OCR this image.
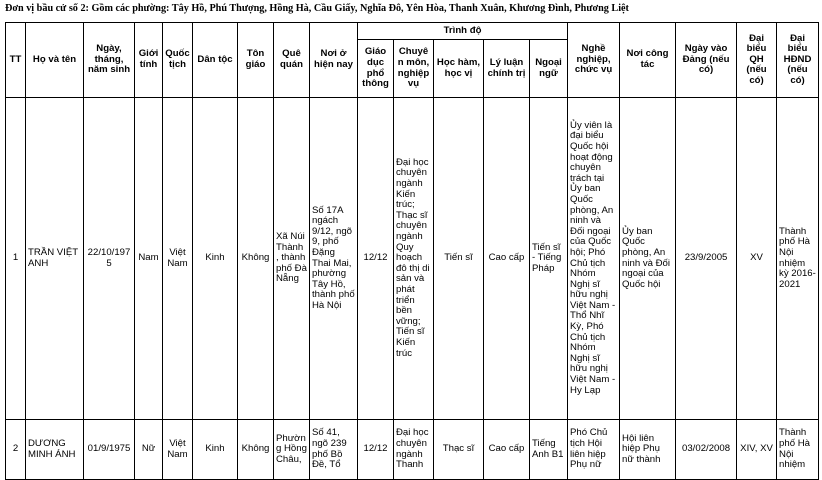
Đơn vị bầu cử số 2: Gồm các phường: Tây Hồ, Phú Thượng, Hồng Hà, Cầu Giấy, Nghĩa Đô, Yên Hòa, Thanh Xuân, Khương Đình, Phương Liệt
TT	Họ và tên	Ngày, tháng, năm sinh	Giới tính	Quốc tịch	Dân tộc	Tôn giáo	Quê quán	Nơi ở hiện nay	Trình độ					Nghề nghiệp, chức vụ	Nơi công tác	Ngày vào Đảng (nếu có)	Đại biểu QH (nếu có)	Đại biểu HĐND (nếu có)
									Giáo dục phổ thông	Chuyên môn, nghiệp vụ	Học hàm, học vị	Lý luận chính trị	Ngoại ngữ					
1	TRẦN VIỆT ANH	22/10/1975	Nam	Việt Nam	Kinh	Không	Xã Núi Thành , thành phố Đà Nẵng	Số 17A ngách 9/12, ngõ 9, phố Đặng Thai Mai, phường Tây Hồ, thành phố Hà Nội	12/12	Đại học chuyên ngành Kiến trúc; Thạc sĩ chuyên ngành Quy hoạch đô thị di sản và phát triển bền vững; Tiến sĩ Kiến trúc	Tiến sĩ	Cao cấp	Tiến sĩ - Tiếng Pháp	Ủy viên là đại biểu Quốc hội hoạt động chuyên trách tại Ủy ban Quốc phòng, An ninh và Đối ngoại của Quốc hội; Phó Chủ tịch Nhóm Nghị sĩ hữu nghị Việt Nam - Thổ Nhĩ Kỳ, Phó Chủ tịch Nhóm Nghị sĩ hữu nghị Việt Nam - Hy Lạp	Ủy ban Quốc phòng, An ninh và Đối ngoại của Quốc hội	23/9/2005	XV	Thành phố Hà Nội nhiệm kỳ 2016-2021
2	DƯƠNG MINH ÁNH	01/9/1975	Nữ	Việt Nam	Kinh	Không	Phường Hồng Châu,	Số 41, ngõ 239 phố Bồ Đề, Tổ	12/12	Đại học chuyên ngành Thanh	Thạc sĩ	Cao cấp	Tiếng Anh B1	Phó Chủ tịch Hội liên hiệp Phụ nữ	Hội liên hiệp Phụ nữ thành	03/02/2008	XIV, XV	Thành phố Hà Nội nhiệm
